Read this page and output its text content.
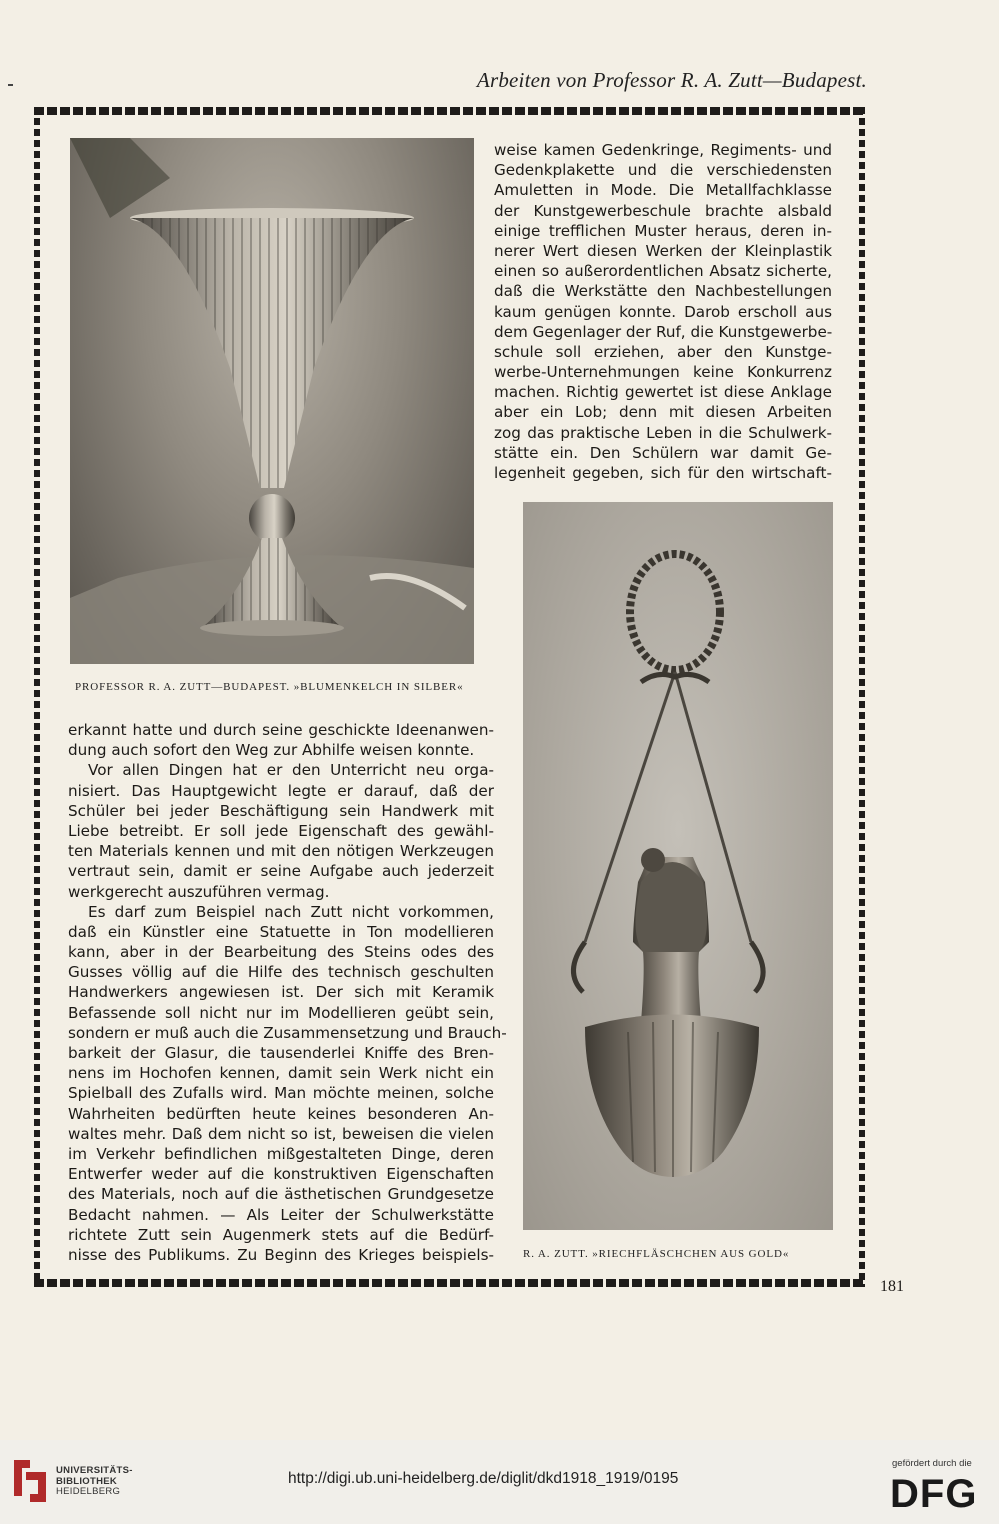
Arbeiten von Professor R. A. Zutt—Budapest.
PROFESSOR R. A. ZUTT—BUDAPEST. »BLUMENKELCH IN SILBER«
R. A. ZUTT. »RIECHFLÄSCHCHEN AUS GOLD«
weise kamen Gedenkringe, Regiments- und
Gedenkplakette und die verschiedensten
Amuletten in Mode. Die Metallfachklasse
der Kunstgewerbeschule brachte alsbald
einige trefflichen Muster heraus, deren in-
nerer Wert diesen Werken der Kleinplastik
einen so außerordentlichen Absatz sicherte,
daß die Werkstätte den Nachbestellungen
kaum genügen konnte. Darob erscholl aus
dem Gegenlager der Ruf, die Kunstgewerbe-
schule soll erziehen, aber den Kunstge-
werbe-Unternehmungen keine Konkurrenz
machen. Richtig gewertet ist diese Anklage
aber ein Lob; denn mit diesen Arbeiten
zog das praktische Leben in die Schulwerk-
stätte ein. Den Schülern war damit Ge-
legenheit gegeben, sich für den wirtschaft-
erkannt hatte und durch seine geschickte Ideenanwen-
dung auch sofort den Weg zur Abhilfe weisen konnte.
Vor allen Dingen hat er den Unterricht neu orga-
nisiert. Das Hauptgewicht legte er darauf, daß der
Schüler bei jeder Beschäftigung sein Handwerk mit
Liebe betreibt. Er soll jede Eigenschaft des gewähl-
ten Materials kennen und mit den nötigen Werkzeugen
vertraut sein, damit er seine Aufgabe auch jederzeit
werkgerecht auszuführen vermag.
Es darf zum Beispiel nach Zutt nicht vorkommen,
daß ein Künstler eine Statuette in Ton modellieren
kann, aber in der Bearbeitung des Steins odes des
Gusses völlig auf die Hilfe des technisch geschulten
Handwerkers angewiesen ist. Der sich mit Keramik
Befassende soll nicht nur im Modellieren geübt sein,
sondern er muß auch die Zusammensetzung und Brauch-
barkeit der Glasur, die tausenderlei Kniffe des Bren-
nens im Hochofen kennen, damit sein Werk nicht ein
Spielball des Zufalls wird. Man möchte meinen, solche
Wahrheiten bedürften heute keines besonderen An-
waltes mehr. Daß dem nicht so ist, beweisen die vielen
im Verkehr befindlichen mißgestalteten Dinge, deren
Entwerfer weder auf die konstruktiven Eigenschaften
des Materials, noch auf die ästhetischen Grundgesetze
Bedacht nahmen. — Als Leiter der Schulwerkstätte
richtete Zutt sein Augenmerk stets auf die Bedürf-
nisse des Publikums. Zu Beginn des Krieges beispiels-
181
UNIVERSITÄTS-
BIBLIOTHEK
HEIDELBERG
http://digi.ub.uni-heidelberg.de/diglit/dkd1918_1919/0195
gefördert durch die
DFG
